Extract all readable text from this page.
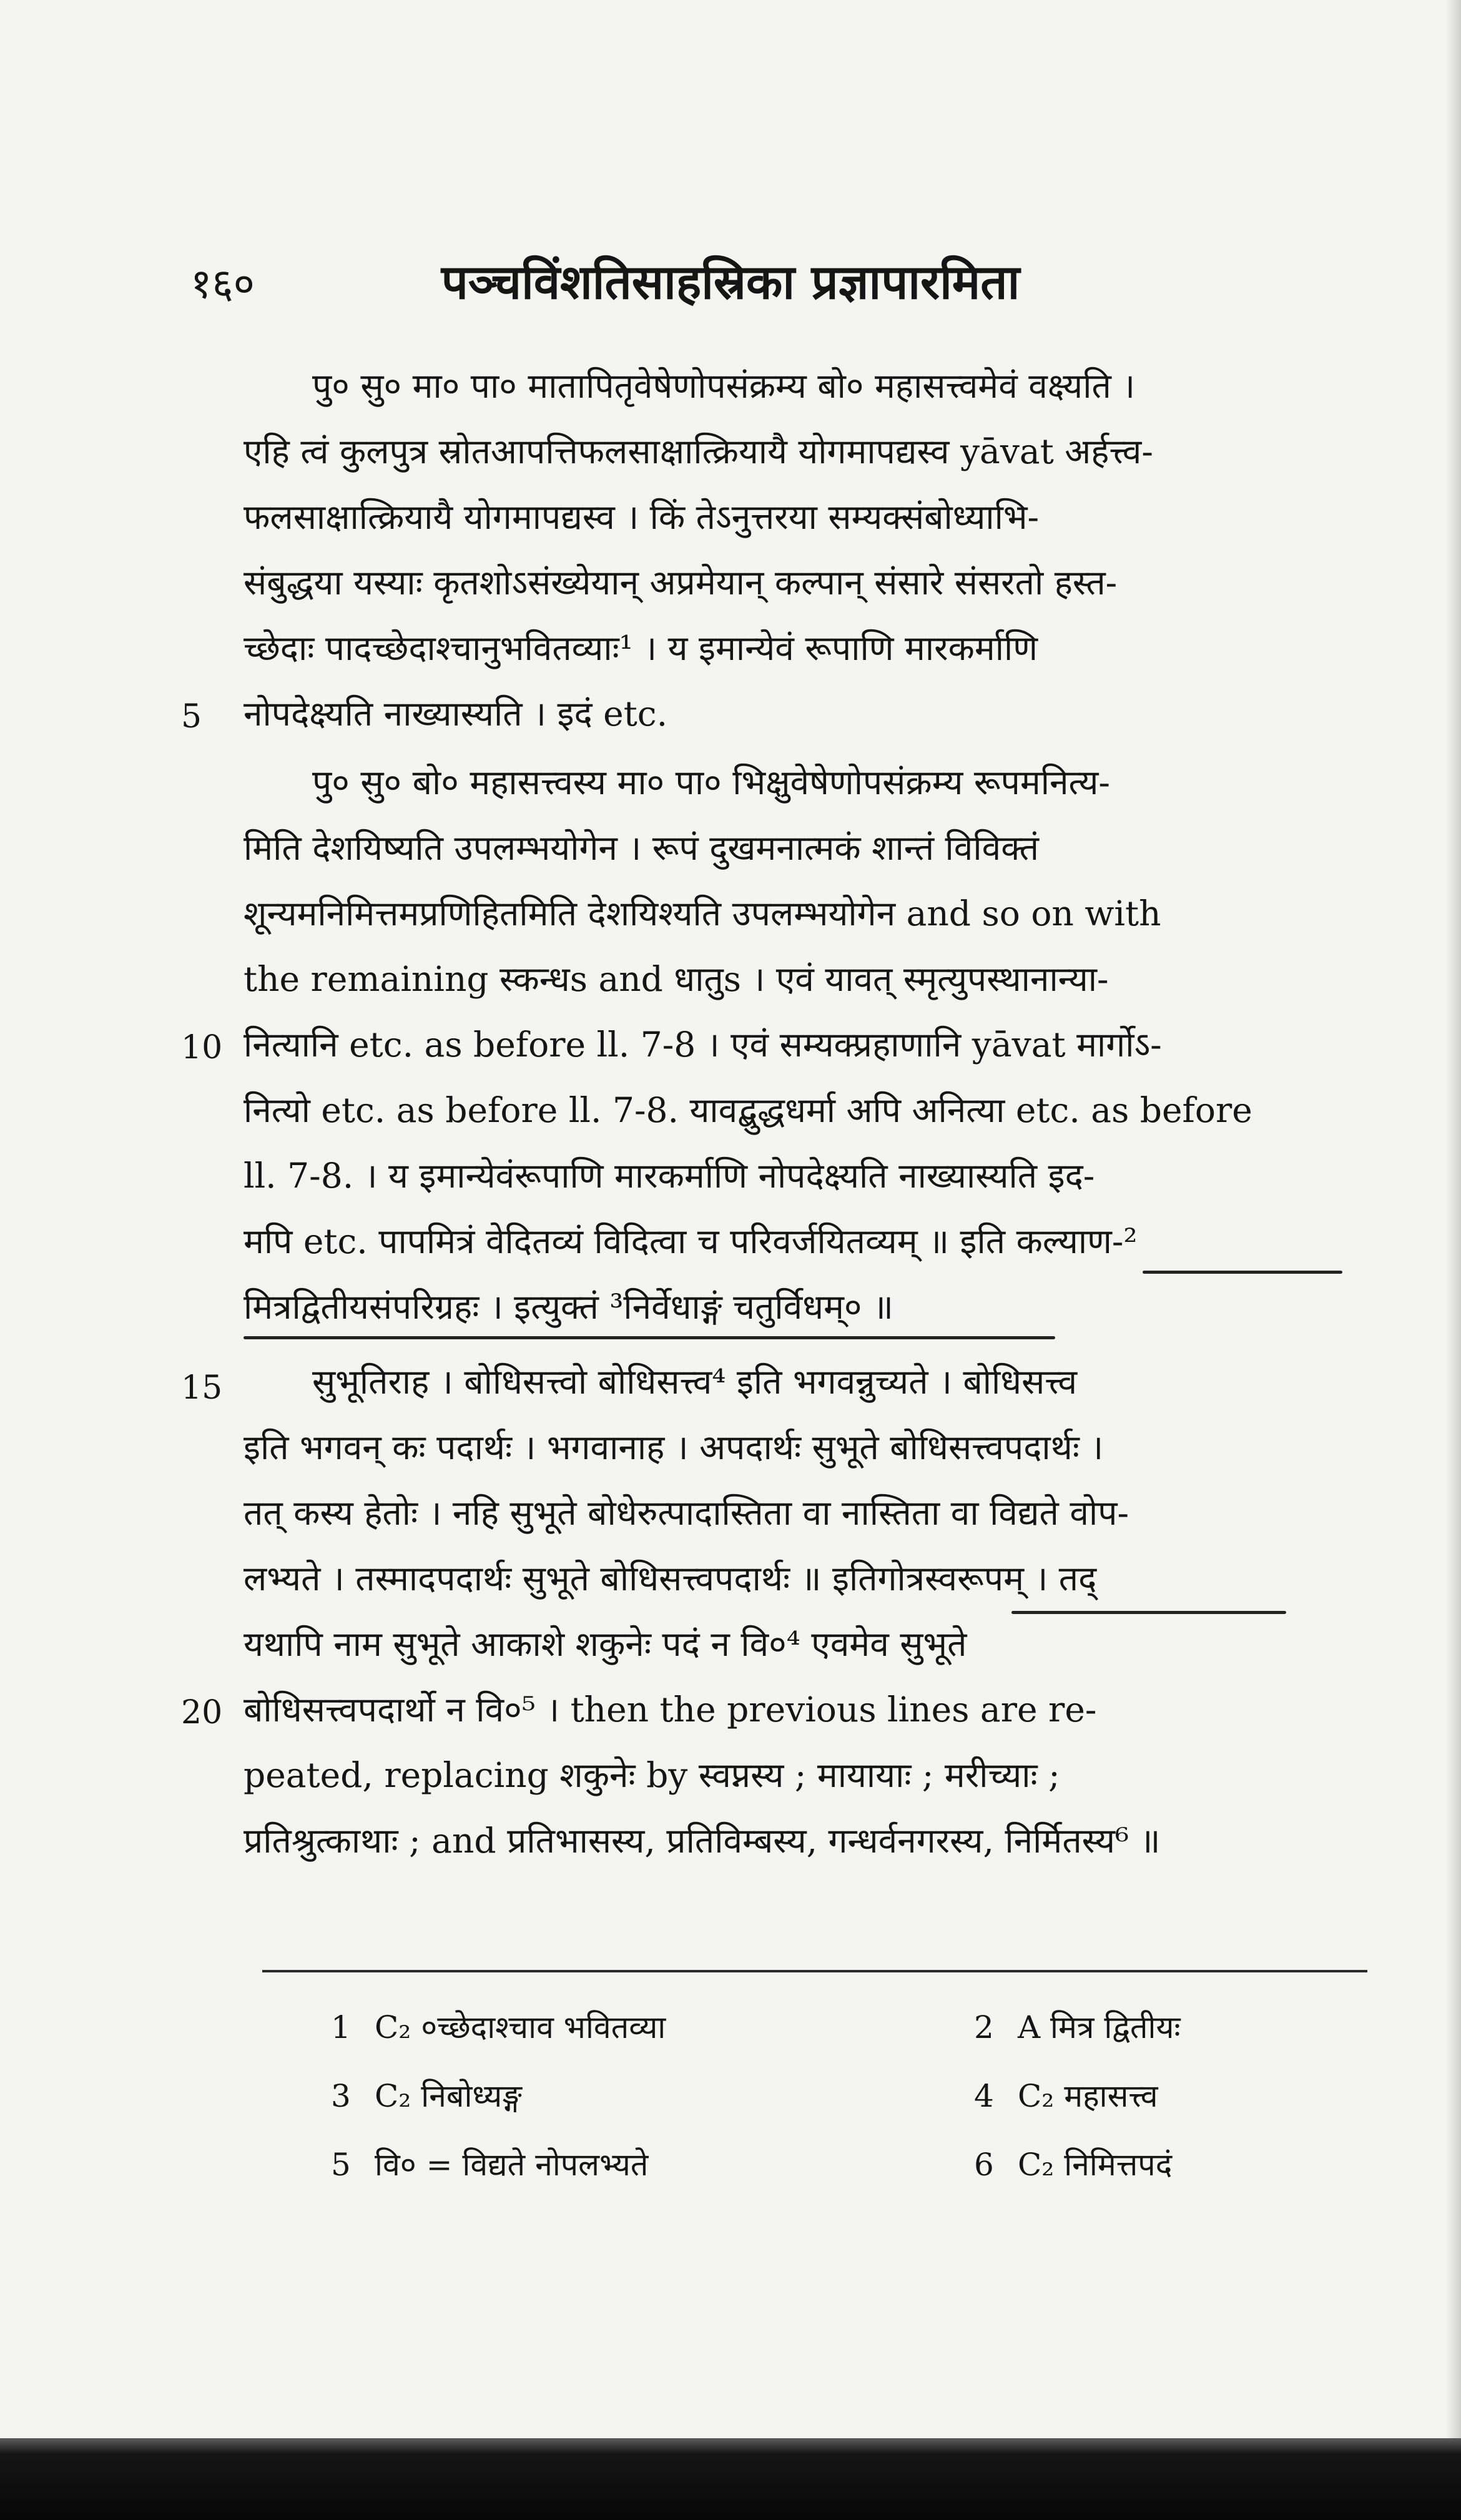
१६०	पञ्चविंशतिसाहस्रिका प्रज्ञापारमिता
पु० सु० मा० पा० मातापितृवेषेणोपसंक्रम्य बो० महासत्त्वमेवं वक्ष्यति ।
एहि त्वं कुलपुत्र स्रोतआपत्तिफलसाक्षात्क्रियायै योगमापद्यस्व yāvat अर्हत्त्व-
फलसाक्षात्क्रियायै योगमापद्यस्व । किं तेऽनुत्तरया सम्यक्संबोध्याभि-
संबुद्धया यस्याः कृतशोऽसंख्येयान् अप्रमेयान् कल्पान् संसारे संसरतो हस्त-
च्छेदाः पादच्छेदाश्चानुभवितव्याः¹ । य इमान्येवं रूपाणि मारकर्माणि
नोपदेक्ष्यति नाख्यास्यति । इदं etc.
पु० सु० बो० महासत्त्वस्य मा० पा० भिक्षुवेषेणोपसंक्रम्य रूपमनित्य-
मिति देशयिष्यति उपलम्भयोगेन । रूपं दुखमनात्मकं शान्तं विविक्तं
शून्यमनिमित्तमप्रणिहितमिति देशयिश्यति उपलम्भयोगेन and so on with
the remaining स्कन्धs and धातुs । एवं यावत् स्मृत्युपस्थानान्या-
नित्यानि etc. as before ll. 7-8 । एवं सम्यक्प्रहाणानि yāvat मार्गोऽ-
नित्यो etc. as before ll. 7-8. यावद्बुद्धधर्मा अपि अनित्या etc. as before
ll. 7-8. । य इमान्येवंरूपाणि मारकर्माणि नोपदेक्ष्यति नाख्यास्यति इद-
मपि etc. पापमित्रं वेदितव्यं विदित्वा च परिवर्जयितव्यम् ॥ इति कल्याण-²
मित्रद्वितीयसंपरिग्रहः । इत्युक्तं ³निर्वेधाङ्गं चतुर्विधम्० ॥
सुभूतिराह । बोधिसत्त्वो बोधिसत्त्व⁴ इति भगवन्नुच्यते । बोधिसत्त्व
इति भगवन् कः पदार्थः । भगवानाह । अपदार्थः सुभूते बोधिसत्त्वपदार्थः ।
तत् कस्य हेतोः । नहि सुभूते बोधेरुत्पादास्तिता वा नास्तिता वा विद्यते वोप-
लभ्यते । तस्मादपदार्थः सुभूते बोधिसत्त्वपदार्थः ॥ इतिगोत्रस्वरूपम् । तद्
यथापि नाम सुभूते आकाशे शकुनेः पदं न वि०⁴ एवमेव सुभूते
बोधिसत्त्वपदार्थो न वि०⁵ । then the previous lines are re-
peated, replacing शकुनेः by स्वप्नस्य ; मायायाः ; मरीच्याः ;
प्रतिश्रुत्काथाः ; and प्रतिभासस्य, प्रतिविम्बस्य, गन्धर्वनगरस्य, निर्मितस्य⁶ ॥
5
10
15
20
1 C₂ ०च्छेदाश्चाव भवितव्या	2 A मित्र द्वितीयः
3 C₂ निबोध्यङ्ग	4 C₂ महासत्त्व
5 वि० = विद्यते नोपलभ्यते	6 C₂ निमित्तपदं
